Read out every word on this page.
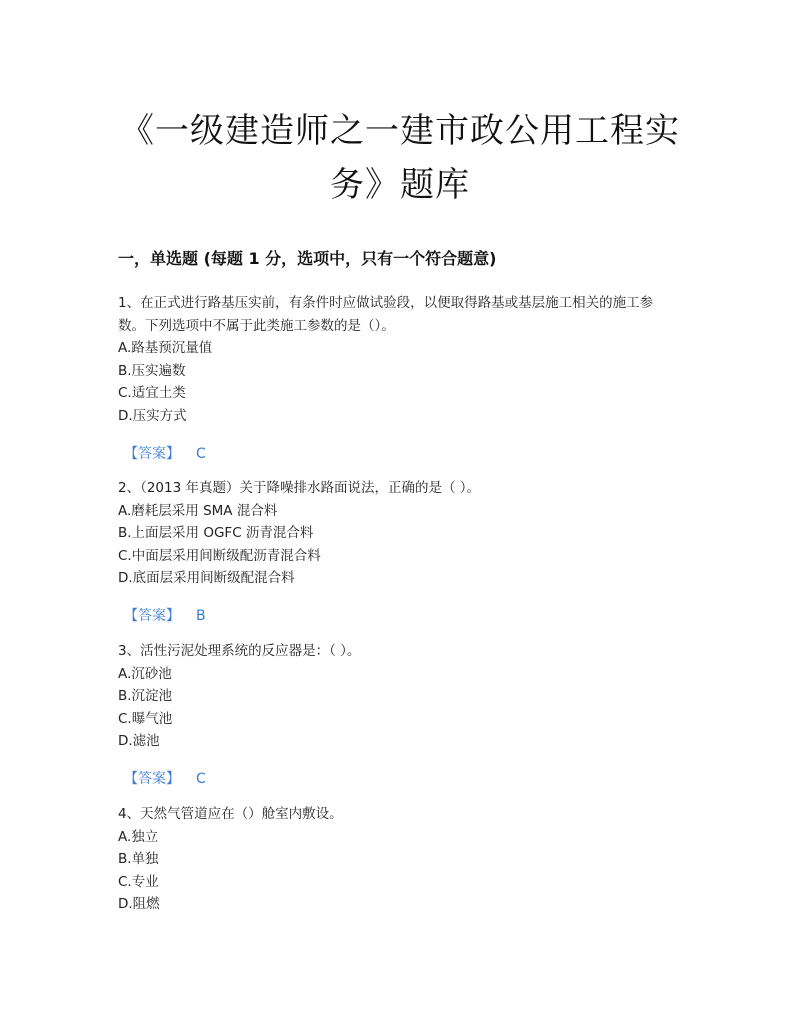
《一级建造师之一建市政公用工程实务》题库
一，单选题 (每题 1 分，选项中，只有一个符合题意)

1、在正式进行路基压实前，有条件时应做试验段，以便取得路基或基层施工相关的施工参数。下列选项中不属于此类施工参数的是（）。

A.路基预沉量值

B.压实遍数

C.适宜土类

D.压实方式

【答案】 C

2、（2013 年真题）关于降噪排水路面说法，正确的是（ ）。

A.磨耗层采用 SMA 混合料

B.上面层采用 OGFC 沥青混合料

C.中面层采用间断级配沥青混合料

D.底面层采用间断级配混合料

【答案】 B

3、活性污泥处理系统的反应器是：（ ）。

A.沉砂池

B.沉淀池

C.曝气池

D.滤池

【答案】 C

4、天然气管道应在（）舱室内敷设。

A.独立

B.单独

C.专业

D.阻燃
